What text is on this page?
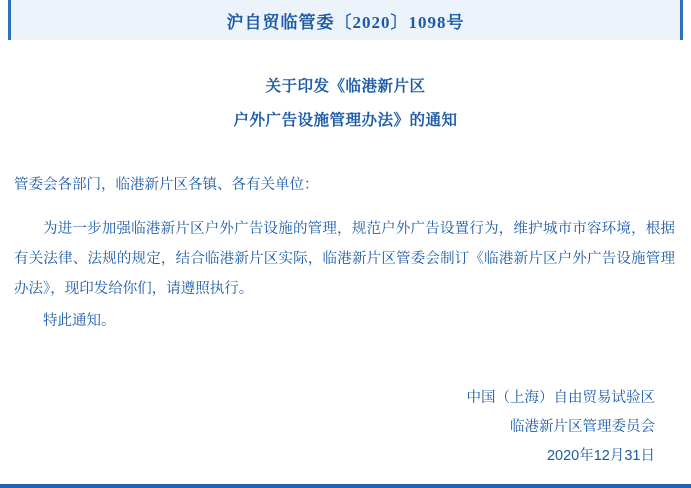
沪自贸临管委〔2020〕1098号
关于印发《临港新片区
户外广告设施管理办法》的通知
管委会各部门，临港新片区各镇、各有关单位：

为进一步加强临港新片区户外广告设施的管理，规范户外广告设置行为，维护城市市容环境，根据有关法律、法规的规定，结合临港新片区实际，临港新片区管委会制订《临港新片区户外广告设施管理办法》，现印发给你们，请遵照执行。

特此通知。

中国（上海）自由贸易试验区
临港新片区管理委员会
2020年12月31日
